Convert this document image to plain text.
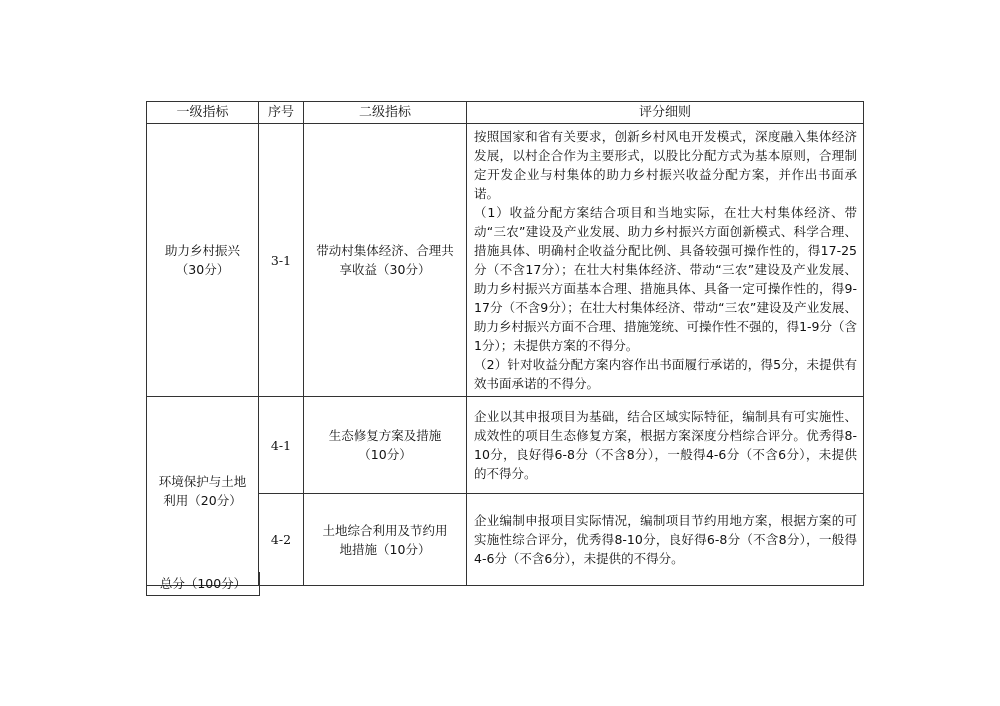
一级指标	序号	二级指标	评分细则
助力乡村振兴（30分）	3-1	带动村集体经济、合理共享收益（30分）	按照国家和省有关要求，创新乡村风电开发模式，深度融入集体经济发展，以村企合作为主要形式，以股比分配方式为基本原则，合理制定开发企业与村集体的助力乡村振兴收益分配方案，并作出书面承诺。

（1）收益分配方案结合项目和当地实际，在壮大村集体经济、带动“三农”建设及产业发展、助力乡村振兴方面创新模式、科学合理、措施具体、明确村企收益分配比例、具备较强可操作性的，得17-25分（不含17分）；在壮大村集体经济、带动“三农”建设及产业发展、助力乡村振兴方面基本合理、措施具体、具备一定可操作性的，得9-17分（不含9分）；在壮大村集体经济、带动“三农”建设及产业发展、助力乡村振兴方面不合理、措施笼统、可操作性不强的，得1-9分（含1分）；未提供方案的不得分。

（2）针对收益分配方案内容作出书面履行承诺的，得5分，未提供有效书面承诺的不得分。

环境保护与土地利用（20分）	4-1	生态修复方案及措施（10分）	企业以其申报项目为基础，结合区域实际特征，编制具有可实施性、成效性的项目生态修复方案，根据方案深度分档综合评分。优秀得8-10分，良好得6-8分（不含8分），一般得4-6分（不含6分），未提供的不得分。
	4-2	土地综合利用及节约用地措施（10分）	企业编制申报项目实际情况，编制项目节约用地方案，根据方案的可实施性综合评分，优秀得8-10分，良好得6-8分（不含8分），一般得4-6分（不含6分），未提供的不得分。
总分（100分）
